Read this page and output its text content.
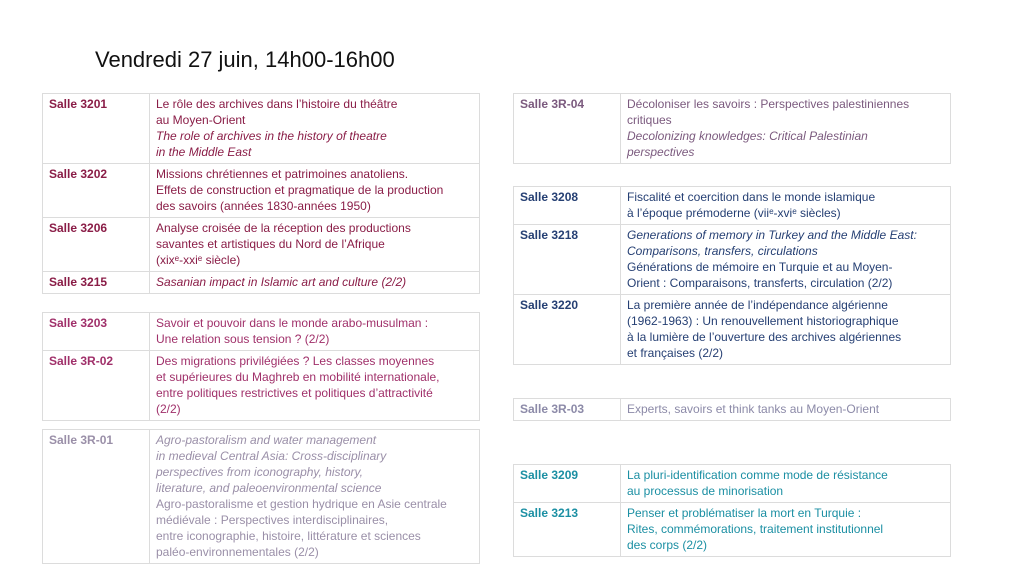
Vendredi 27 juin, 14h00-16h00
Salle 3201	Le rôle des archives dans l’histoire du théâtre
au Moyen-Orient
The role of archives in the history of theatre
in the Middle East

Salle 3202	Missions chrétiennes et patrimoines anatoliens.
Effets de construction et pragmatique de la production
des savoirs (années 1830-années 1950)

Salle 3206	Analyse croisée de la réception des productions
savantes et artistiques du Nord de l’Afrique
(xixᵉ-xxiᵉ siècle)

Salle 3215	Sasanian impact in Islamic art and culture (2/2)
Salle 3203	Savoir et pouvoir dans le monde arabo-musulman :
Une relation sous tension ? (2/2)

Salle 3R-02	Des migrations privilégiées ? Les classes moyennes
et supérieures du Maghreb en mobilité internationale,
entre politiques restrictives et politiques d’attractivité
(2/2)
Salle 3R-01	Agro-pastoralism and water management
in medieval Central Asia: Cross-disciplinary
perspectives from iconography, history,
literature, and paleoenvironmental science
Agro-pastoralisme et gestion hydrique en Asie centrale
médiévale : Perspectives interdisciplinaires,
entre iconographie, histoire, littérature et sciences
paléo-environnementales (2/2)
Salle 3R-04	Décoloniser les savoirs : Perspectives palestiniennes
critiques
Decolonizing knowledges: Critical Palestinian
perspectives
Salle 3208	Fiscalité et coercition dans le monde islamique
à l’époque prémoderne (viiᵉ-xviᵉ siècles)

Salle 3218	Generations of memory in Turkey and the Middle East:
Comparisons, transfers, circulations
Générations de mémoire en Turquie et au Moyen-
Orient : Comparaisons, transferts, circulation (2/2)

Salle 3220	La première année de l’indépendance algérienne
(1962-1963) : Un renouvellement historiographique
à la lumière de l’ouverture des archives algériennes
et françaises (2/2)
Salle 3R-03	Experts, savoirs et think tanks au Moyen-Orient
Salle 3209	La pluri-identification comme mode de résistance
au processus de minorisation

Salle 3213	Penser et problématiser la mort en Turquie :
Rites, commémorations, traitement institutionnel
des corps (2/2)
